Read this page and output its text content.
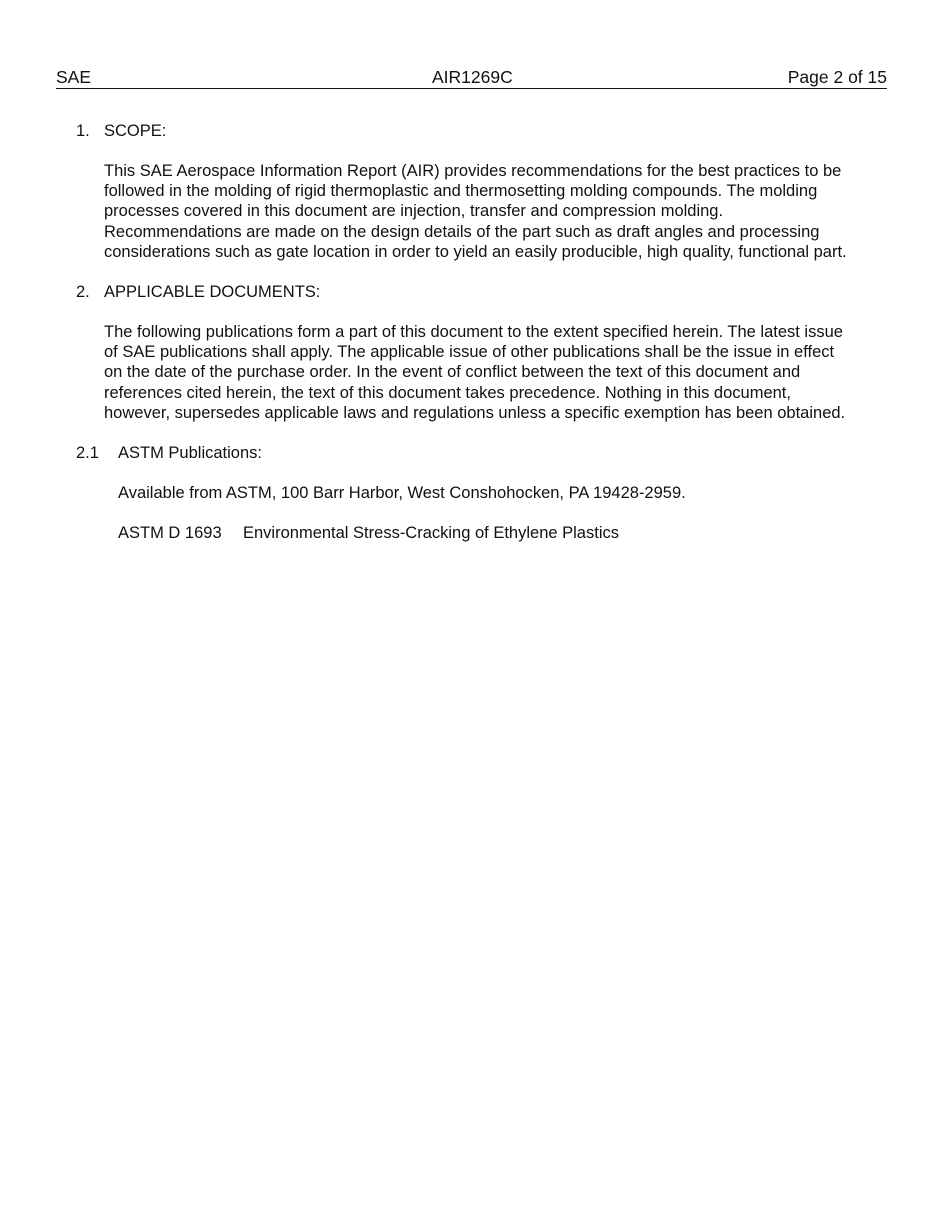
SAE	AIR1269C	Page 2 of 15
1. SCOPE:
This SAE Aerospace Information Report (AIR) provides recommendations for the best practices to be
followed in the molding of rigid thermoplastic and thermosetting molding compounds. The molding
processes covered in this document are injection, transfer and compression molding.
Recommendations are made on the design details of the part such as draft angles and processing
considerations such as gate location in order to yield an easily producible, high quality, functional part.
2. APPLICABLE DOCUMENTS:
The following publications form a part of this document to the extent specified herein. The latest issue
of SAE publications shall apply. The applicable issue of other publications shall be the issue in effect
on the date of the purchase order. In the event of conflict between the text of this document and
references cited herein, the text of this document takes precedence. Nothing in this document,
however, supersedes applicable laws and regulations unless a specific exemption has been obtained.
2.1 ASTM Publications:
Available from ASTM, 100 Barr Harbor, West Conshohocken, PA 19428-2959.
ASTM D 1693 Environmental Stress-Cracking of Ethylene Plastics
